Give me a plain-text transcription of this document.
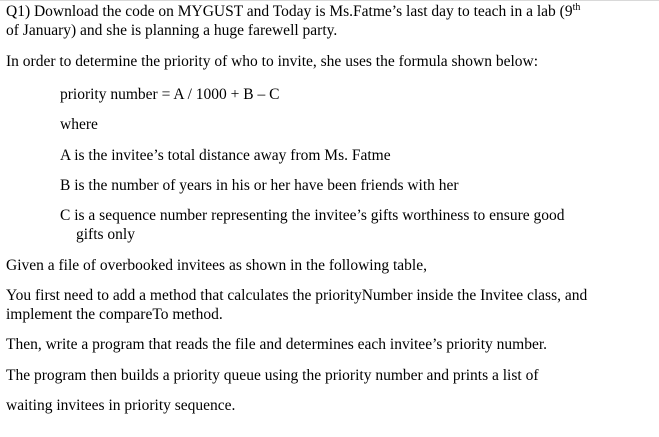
Q1) Download the code on MYGUST and Today is Ms.Fatme’s last day to teach in a lab (9th
of January) and she is planning a huge farewell party.
In order to determine the priority of who to invite, she uses the formula shown below:
priority number = A / 1000 + B – C
where
A is the invitee’s total distance away from Ms. Fatme
B is the number of years in his or her have been friends with her
C is a sequence number representing the invitee’s gifts worthiness to ensure good
gifts only
Given a file of overbooked invitees as shown in the following table,
You first need to add a method that calculates the priorityNumber inside the Invitee class, and
implement the compareTo method.
Then, write a program that reads the file and determines each invitee’s priority number.
The program then builds a priority queue using the priority number and prints a list of
waiting invitees in priority sequence.
